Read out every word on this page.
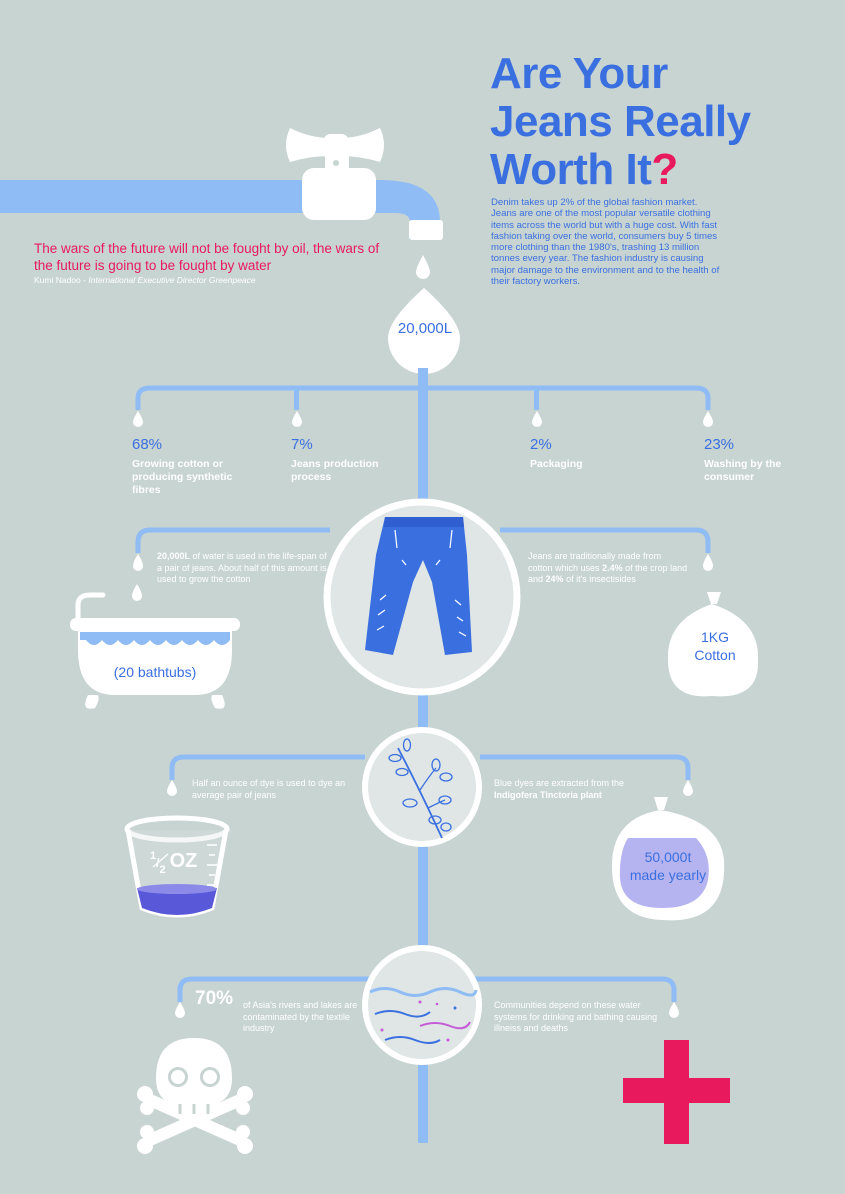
Are Your
Jeans Really
Worth It?

Denim takes up 2% of the global fashion market. Jeans are one of the most popular versatile clothing items across the world but with a huge cost. With fast fashion taking over the world, consumers buy 5 times more clothing than the 1980's, trashing 13 million tonnes every year. The fashion industry is causing major damage to the environment and to the health of their factory workers.

The wars of the future will not be fought by oil, the wars of the future is going to be fought by water

Kumi Nadoo - International Executive Director Greenpeace

20,000L
68%
Growing cotton or producing synthetic fibres
7%
Jeans production process
2%
Packaging
23%
Washing by the consumer

20,000L of water is used in the life-span of a pair of jeans. About half of this amount is used to grow the cotton

(20 bathtubs)

Jeans are traditionally made from cotton which uses 2.4% of the crop land and 24% of it's insectisides

1KG
Cotton

Half an ounce of dye is used to dye an average pair of jeans

Blue dyes are extracted from the Indigofera Tinctoria plant

$^1/_2$ OZ	50,000t
made yearly
70% of Asia's rivers and lakes are contaminated by the textile industry

Communities depend on these water systems for drinking and bathing causing illneiss and deaths
